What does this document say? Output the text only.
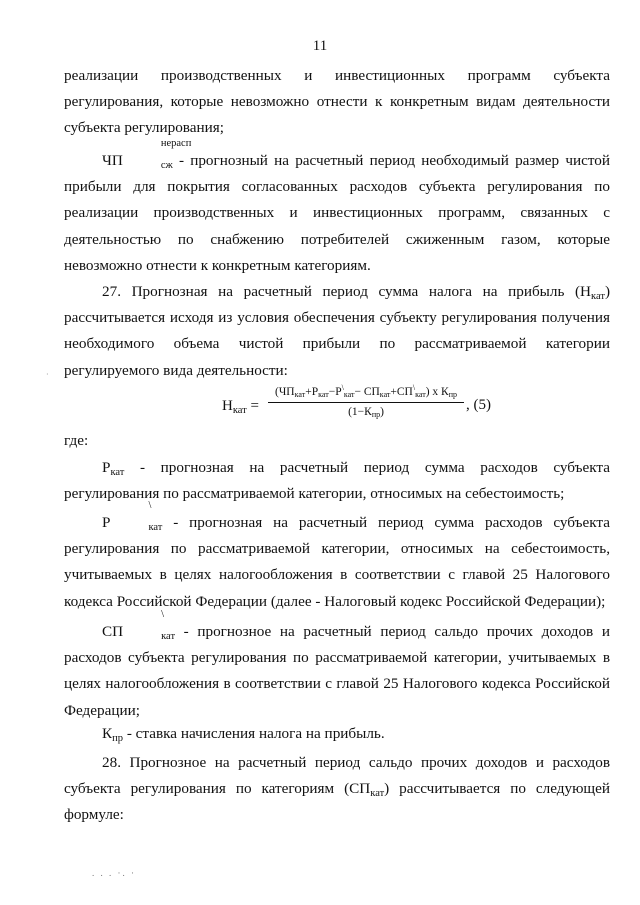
11
реализации производственных и инвестиционных программ субъекта регулирования, которые невозможно отнести к конкретным видам деятельности субъекта регулирования;
ЧП
нерасп
сж - прогнозный на расчетный период необходимый размер чистой прибыли для покрытия согласованных расходов субъекта регулирования по реализации производственных и инвестиционных программ, связанных с деятельностью по снабжению потребителей сжиженным газом, которые невозможно отнести к конкретным категориям.
27. Прогнозная на расчетный период сумма налога на прибыль $(Н_{кат})$ рассчитывается исходя из условия обеспечения субъекту регулирования получения необходимого объема чистой прибыли по рассматриваемой категории регулируемого вида деятельности:
$Н_{кат}$ =
(ЧПкат+Ркат−Р\кат− СПкат+СП\кат) х Кпр
(1−Кпр)	, (5)
·
где:
$Р_{кат}$ - прогнозная на расчетный период сумма расходов субъекта регулирования по рассматриваемой категории, относимых на себестоимость;
Р
\
кат - прогнозная на расчетный период сумма расходов субъекта регулирования по рассматриваемой категории, относимых на себестоимость, учитываемых в целях налогообложения в соответствии с главой 25 Налогового кодекса Российской Федерации (далее - Налоговый кодекс Российской Федерации);
СП
\
кат - прогнозное на расчетный период сальдо прочих доходов и расходов субъекта регулирования по рассматриваемой категории, учитываемых в целях налогообложения в соответствии с главой 25 Налогового кодекса Российской Федерации;
$К_{пр}$ - ставка начисления налога на прибыль.
28. Прогнозное на расчетный период сальдо прочих доходов и расходов субъекта регулирования по категориям $(СП_{кат})$ рассчитывается по следующей формуле:
. . . ·. ·
